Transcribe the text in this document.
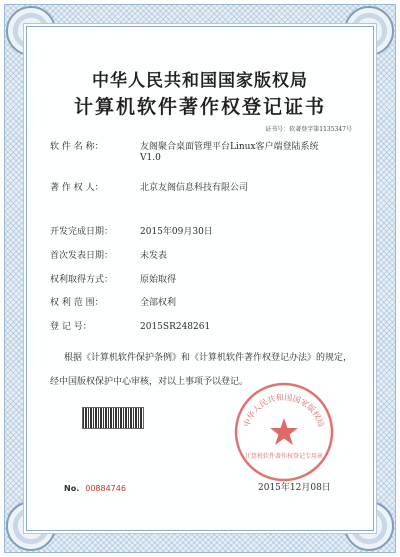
中华人民共和国国家版权局
计算机软件著作权登记证书
证书号：软著登字第1135347号
软 件 名 称：	友阁聚合桌面管理平台Linux客户端登陆系统
V1.0
著 作 权 人：	北京友阁信息科技有限公司
开发完成日期：	2015年09月30日
首次发表日期：	未发表
权利取得方式：	原始取得
权 利 范 围：	全部权利
登 记 号：	2015SR248261
根据《计算机软件保护条例》和《计算机软件著作权登记办法》的规定，经中国版权保护中心审核，对以上事项予以登记。
中华人民共和国国家版权局
计算机软件著作权登记专用章
No. 00884746	2015年12月08日
